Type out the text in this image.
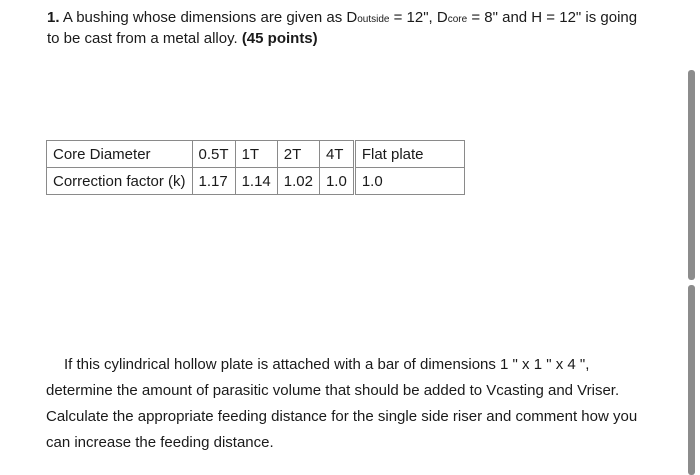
1. A bushing whose dimensions are given as Doutside = 12", Dcore = 8" and H = 12" is going to be cast from a metal alloy. (45 points)
Core Diameter	0.5T	1T	2T	4T	Flat plate
Correction factor (k)	1.17	1.14	1.02	1.0	1.0
If this cylindrical hollow plate is attached with a bar of dimensions 1 " x 1 " x 4 ", determine the amount of parasitic volume that should be added to Vcasting and Vriser. Calculate the appropriate feeding distance for the single side riser and comment how you can increase the feeding distance.
